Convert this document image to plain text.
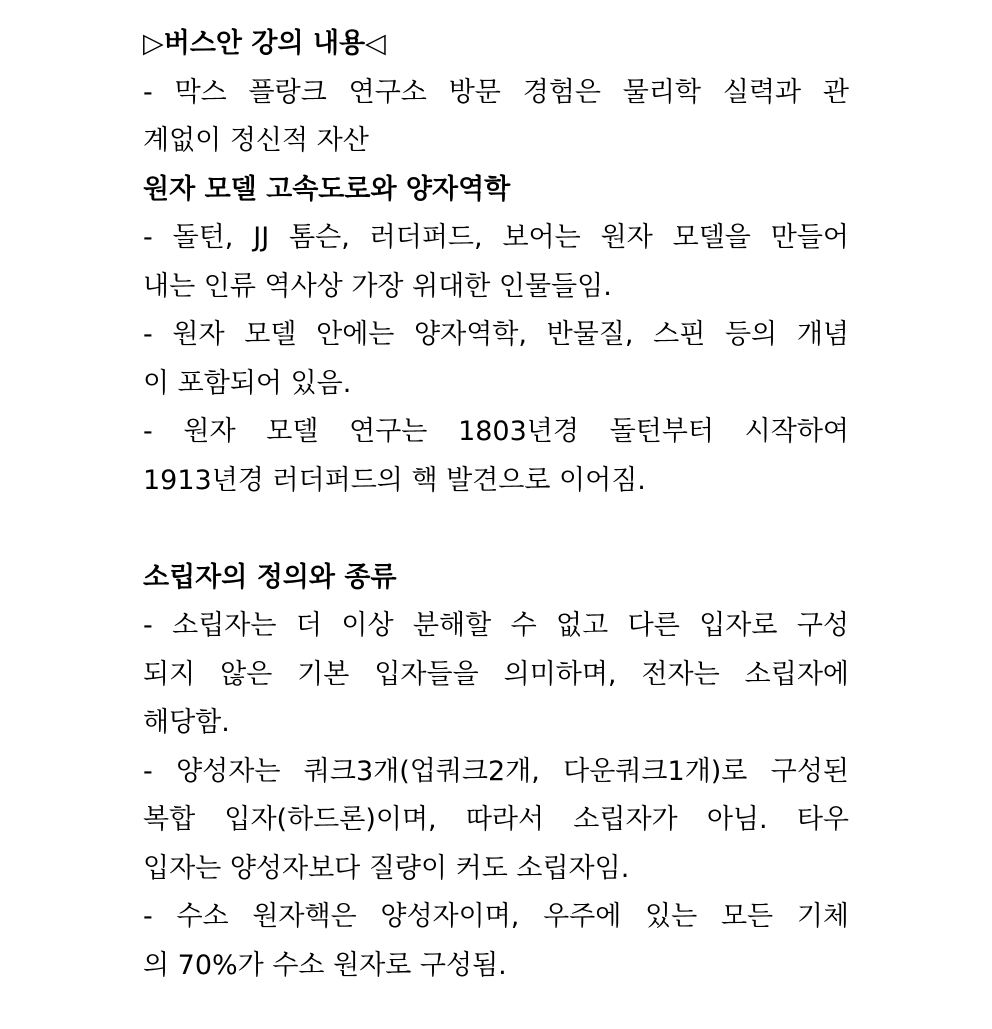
▷버스안 강의 내용◁
- 막스 플랑크 연구소 방문 경험은 물리학 실력과 관
계없이 정신적 자산
원자 모델 고속도로와 양자역학
- 돌턴, JJ 톰슨, 러더퍼드, 보어는 원자 모델을 만들어
내는 인류 역사상 가장 위대한 인물들임.
- 원자 모델 안에는 양자역학, 반물질, 스핀 등의 개념
이 포함되어 있음.
- 원자 모델 연구는 1803년경 돌턴부터 시작하여
1913년경 러더퍼드의 핵 발견으로 이어짐.
소립자의 정의와 종류
- 소립자는 더 이상 분해할 수 없고 다른 입자로 구성
되지 않은 기본 입자들을 의미하며, 전자는 소립자에
해당함.
- 양성자는 쿼크3개(업쿼크2개, 다운쿼크1개)로 구성된
복합 입자(하드론)이며, 따라서 소립자가 아님. 타우
입자는 양성자보다 질량이 커도 소립자임.
- 수소 원자핵은 양성자이며, 우주에 있는 모든 기체
의 70%가 수소 원자로 구성됨.
